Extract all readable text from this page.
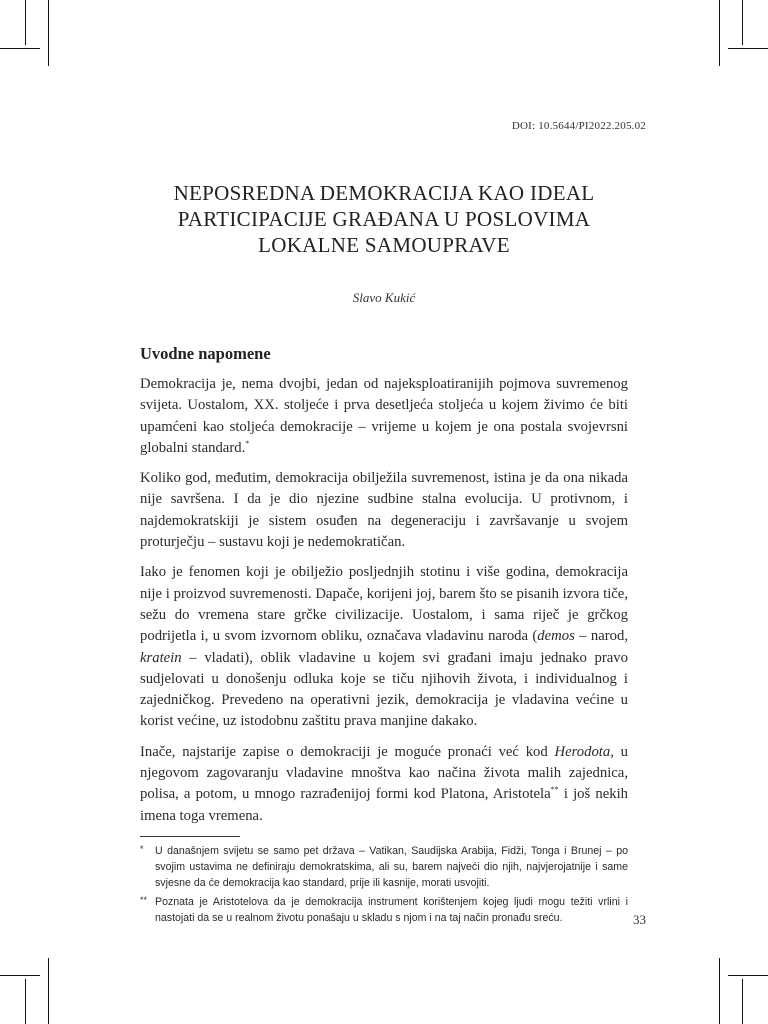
DOI: 10.5644/PI2022.205.02
NEPOSREDNA DEMOKRACIJA KAO IDEAL
PARTICIPACIJE GRAĐANA U POSLOVIMA
LOKALNE SAMOUPRAVE
Slavo Kukić
Uvodne napomene

Demokracija je, nema dvojbi, jedan od najeksploatiranijih pojmova suvremenog svijeta. Uostalom, XX. stoljeće i prva desetljeća stoljeća u kojem živimo će biti upamćeni kao stoljeća demokracije – vrijeme u kojem je ona postala svojevrsni globalni standard.*

Koliko god, međutim, demokracija obilježila suvremenost, istina je da ona nikada nije savršena. I da je dio njezine sudbine stalna evolucija. U protivnom, i najdemokratskiji je sistem osuđen na degeneraciju i završavanje u svojem proturječju – sustavu koji je nedemokratičan.

Iako je fenomen koji je obilježio posljednjih stotinu i više godina, demokracija nije i proizvod suvremenosti. Dapače, korijeni joj, barem što se pisanih izvora tiče, sežu do vremena stare grčke civilizacije. Uostalom, i sama riječ je grčkog podrijetla i, u svom izvornom obliku, označava vladavinu naroda (demos – narod, kratein – vladati), oblik vladavine u kojem svi građani imaju jednako pravo sudjelovati u donošenju odluka koje se tiču njihovih života, i individualnog i zajedničkog. Prevedeno na operativni jezik, demokracija je vladavina većine u korist većine, uz istodobnu zaštitu prava manjine dakako.

Inače, najstarije zapise o demokraciji je moguće pronaći već kod Herodota, u njegovom zagovaranju vladavine mnoštva kao načina života malih zajednica, polisa, a potom, u mnogo razrađenijoj formi kod Platona, Aristotela** i još nekih imena toga vremena.

* U današnjem svijetu se samo pet država – Vatikan, Saudijska Arabija, Fidži, Tonga i Brunej – po svojim ustavima ne definiraju demokratskima, ali su, barem najveći dio njih, najvjerojatnije i same svjesne da će demokracija kao standard, prije ili kasnije, morati usvojiti.

** Poznata je Aristotelova da je demokracija instrument korištenjem kojeg ljudi mogu težiti vrlini i nastojati da se u realnom životu ponašaju u skladu s njom i na taj način pronađu sreću.	33
